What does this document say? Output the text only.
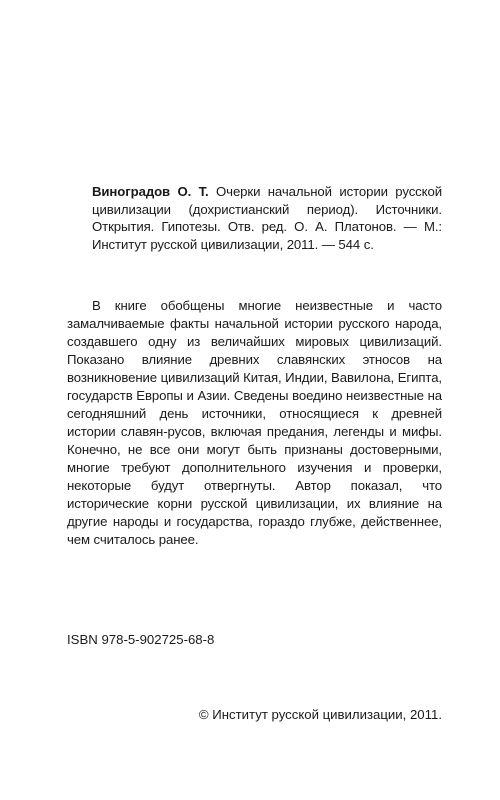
Виноградов О. Т. Очерки начальной истории русской цивилизации (дохристианский период). Источники. Открытия. Гипотезы. Отв. ред. О. А. Платонов. — М.: Институт русской цивилизации, 2011. — 544 с.

В книге обобщены многие неизвестные и часто замалчиваемые факты начальной истории русского народа, создавшего одну из величайших мировых цивилизаций. Показано влияние древних славянских этносов на возникновение цивилизаций Китая, Индии, Вавилона, Египта, государств Европы и Азии. Сведены воедино неизвестные на сегодняшний день источники, относящиеся к древней истории славян-русов, включая предания, легенды и мифы. Конечно, не все они могут быть признаны достоверными, многие требуют дополнительного изучения и проверки, некоторые будут отвергнуты. Автор показал, что исторические корни русской цивилизации, их влияние на другие народы и государства, гораздо глубже, действеннее, чем считалось ранее.

ISBN 978-5-902725-68-8
© Институт русской цивилизации, 2011.
